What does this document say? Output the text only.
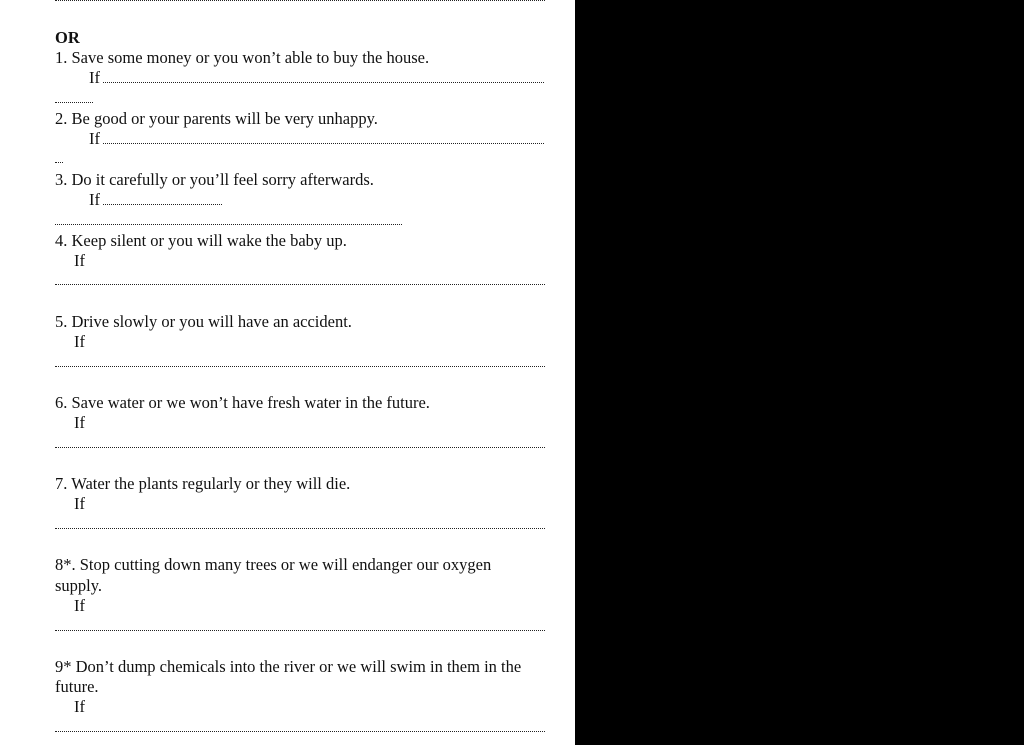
OR
1. Save some money or you won’t able to buy the house.
If
2. Be good or your parents will be very unhappy.
If
3. Do it carefully or you’ll feel sorry afterwards.
If
4. Keep silent or you will wake the baby up.
If
5. Drive slowly or you will have an accident.
If
6. Save water or we won’t have fresh water in the future.
If
7. Water the plants regularly or they will die.
If
8*. Stop cutting down many trees or we will endanger our oxygen
supply.
If
9* Don’t dump chemicals into the river or we will swim in them in the
future.
If
